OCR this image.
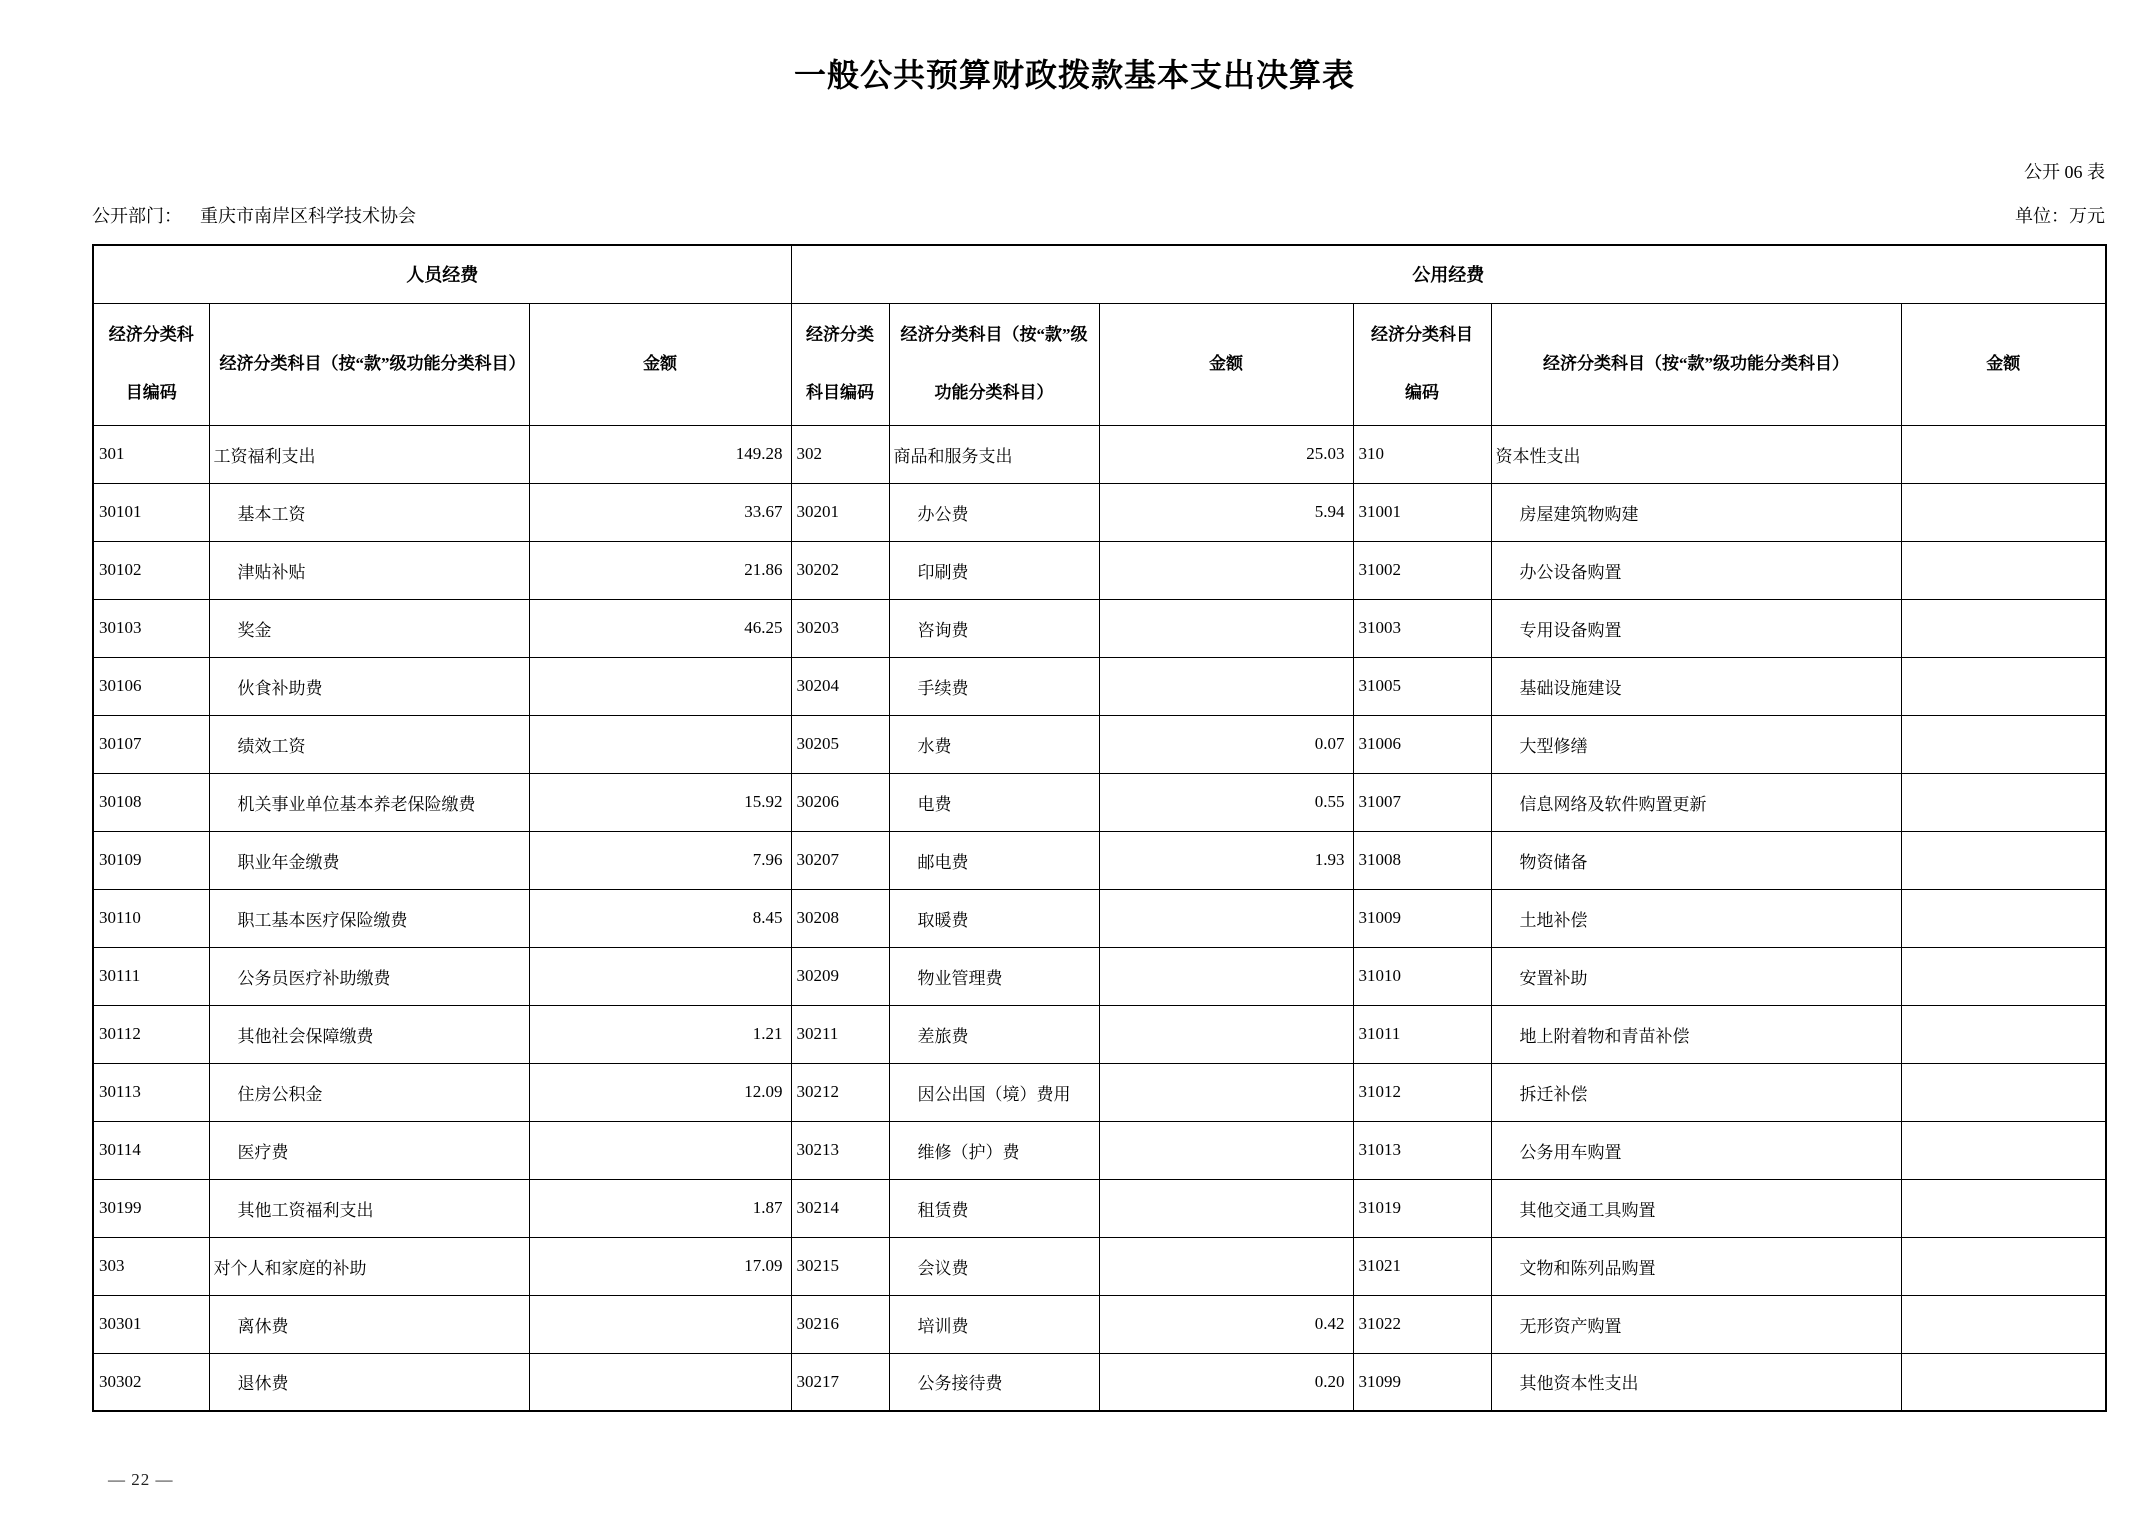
一般公共预算财政拨款基本支出决算表
公开 06 表
公开部门： 重庆市南岸区科学技术协会	单位：万元
人员经费			公用经费					
经济分类科目编码	经济分类科目（按“款”级功能分类科目）	金额	经济分类科目编码	经济分类科目（按“款”级功能分类科目）	金额	经济分类科目编码	经济分类科目（按“款”级功能分类科目）	金额
301	工资福利支出	149.28	302	商品和服务支出	25.03	310	资本性支出	
30101	基本工资	33.67	30201	办公费	5.94	31001	房屋建筑物购建	
30102	津贴补贴	21.86	30202	印刷费		31002	办公设备购置	
30103	奖金	46.25	30203	咨询费		31003	专用设备购置	
30106	伙食补助费		30204	手续费		31005	基础设施建设	
30107	绩效工资		30205	水费	0.07	31006	大型修缮	
30108	机关事业单位基本养老保险缴费	15.92	30206	电费	0.55	31007	信息网络及软件购置更新	
30109	职业年金缴费	7.96	30207	邮电费	1.93	31008	物资储备	
30110	职工基本医疗保险缴费	8.45	30208	取暖费		31009	土地补偿	
30111	公务员医疗补助缴费		30209	物业管理费		31010	安置补助	
30112	其他社会保障缴费	1.21	30211	差旅费		31011	地上附着物和青苗补偿	
30113	住房公积金	12.09	30212	因公出国（境）费用		31012	拆迁补偿	
30114	医疗费		30213	维修（护）费		31013	公务用车购置	
30199	其他工资福利支出	1.87	30214	租赁费		31019	其他交通工具购置	
303	对个人和家庭的补助	17.09	30215	会议费		31021	文物和陈列品购置	
30301	离休费		30216	培训费	0.42	31022	无形资产购置	
30302	退休费		30217	公务接待费	0.20	31099	其他资本性支出	
— 22 —
